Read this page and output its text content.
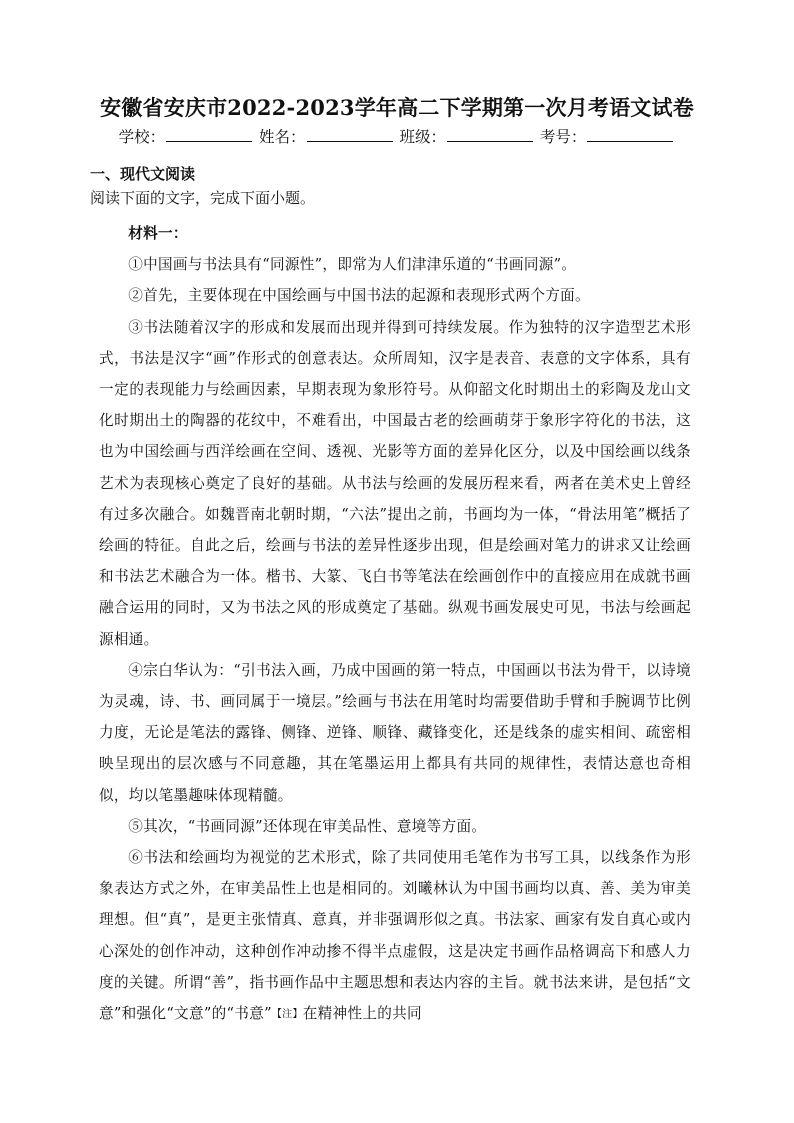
安徽省安庆市2022-2023学年高二下学期第一次月考语文试卷
学校：	姓名：	班级：	考号：
一、现代文阅读
阅读下面的文字，完成下面小题。

材料一：

①中国画与书法具有“同源性”，即常为人们津津乐道的“书画同源”。

②首先，主要体现在中国绘画与中国书法的起源和表现形式两个方面。

③书法随着汉字的形成和发展而出现并得到可持续发展。作为独特的汉字造型艺术形式，书法是汉字“画”作形式的创意表达。众所周知，汉字是表音、表意的文字体系，具有一定的表现能力与绘画因素，早期表现为象形符号。从仰韶文化时期出土的彩陶及龙山文化时期出土的陶器的花纹中，不难看出，中国最古老的绘画萌芽于象形字符化的书法，这也为中国绘画与西洋绘画在空间、透视、光影等方面的差异化区分，以及中国绘画以线条艺术为表现核心奠定了良好的基础。从书法与绘画的发展历程来看，两者在美术史上曾经有过多次融合。如魏晋南北朝时期，“六法”提出之前，书画均为一体，“骨法用笔”概括了绘画的特征。自此之后，绘画与书法的差异性逐步出现，但是绘画对笔力的讲求又让绘画和书法艺术融合为一体。楷书、大篆、飞白书等笔法在绘画创作中的直接应用在成就书画融合运用的同时，又为书法之风的形成奠定了基础。纵观书画发展史可见，书法与绘画起源相通。

④宗白华认为：“引书法入画，乃成中国画的第一特点，中国画以书法为骨干，以诗境为灵魂，诗、书、画同属于一境层。”绘画与书法在用笔时均需要借助手臂和手腕调节比例力度，无论是笔法的露锋、侧锋、逆锋、顺锋、藏锋变化，还是线条的虚实相间、疏密相映呈现出的层次感与不同意趣，其在笔墨运用上都具有共同的规律性，表情达意也奇相似，均以笔墨趣味体现精髓。

⑤其次，“书画同源”还体现在审美品性、意境等方面。

⑥书法和绘画均为视觉的艺术形式，除了共同使用毛笔作为书写工具，以线条作为形象表达方式之外，在审美品性上也是相同的。刘曦林认为中国书画均以真、善、美为审美理想。但“真”，是更主张情真、意真，并非强调形似之真。书法家、画家有发自真心或内心深处的创作冲动，这种创作冲动掺不得半点虚假，这是决定书画作品格调高下和感人力度的关键。所谓“善”，指书画作品中主题思想和表达内容的主旨。就书法来讲，是包括“文意”和强化“文意”的“书意”【注】在精神性上的共同
